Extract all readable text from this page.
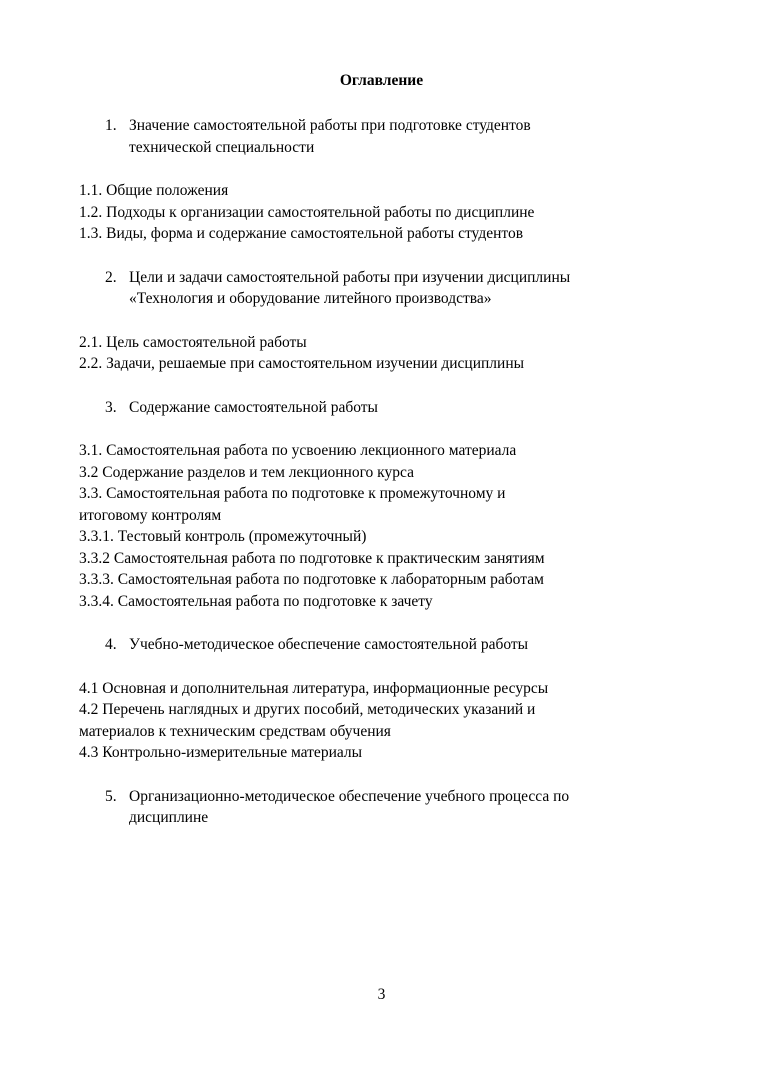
Оглавление
1. Значение самостоятельной работы при подготовке студентов
технической специальности
1.1. Общие положения
1.2. Подходы к организации самостоятельной работы по дисциплине
1.3. Виды, форма и содержание самостоятельной работы студентов
2. Цели и задачи самостоятельной работы при изучении дисциплины
«Технология и оборудование литейного производства»
2.1. Цель самостоятельной работы
2.2. Задачи, решаемые при самостоятельном изучении дисциплины
3. Содержание самостоятельной работы
3.1. Самостоятельная работа по усвоению лекционного материала
3.2 Содержание разделов и тем лекционного курса
3.3. Самостоятельная работа по подготовке к промежуточному и
итоговому контролям
3.3.1. Тестовый контроль (промежуточный)
3.3.2 Самостоятельная работа по подготовке к практическим занятиям
3.3.3. Самостоятельная работа по подготовке к лабораторным работам
3.3.4. Самостоятельная работа по подготовке к зачету
4. Учебно-методическое обеспечение самостоятельной работы
4.1 Основная и дополнительная литература, информационные ресурсы
4.2 Перечень наглядных и других пособий, методических указаний и
материалов к техническим средствам обучения
4.3 Контрольно-измерительные материалы
5. Организационно-методическое обеспечение учебного процесса по
дисциплине
3
